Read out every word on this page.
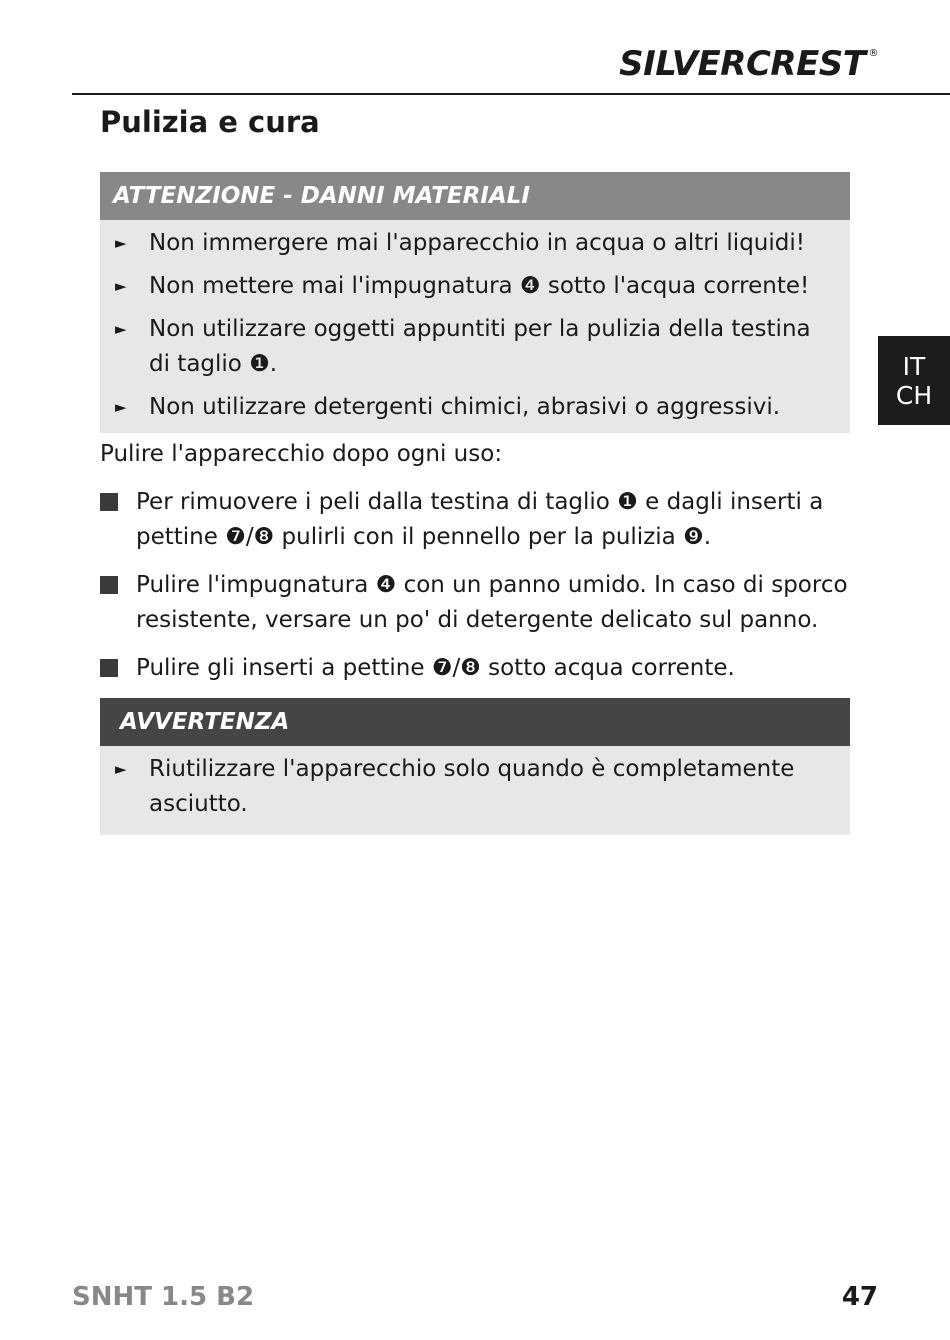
SILVERCREST ®
Pulizia e cura
IT
CH
ATTENZIONE - DANNI MATERIALI
► Non immergere mai l'apparecchio in acqua o altri liquidi!
► Non mettere mai l'impugnatura ❹ sotto l'acqua corrente!
► Non utilizzare oggetti appuntiti per la pulizia della testina di taglio ❶.
► Non utilizzare detergenti chimici, abrasivi o aggressivi.

Pulire l'apparecchio dopo ogni uso:

Per rimuovere i peli dalla testina di taglio ❶ e dagli inserti a pettine ❼/❽ pulirli con il pennello per la pulizia ❾.
Pulire l'impugnatura ❹ con un panno umido. In caso di sporco resistente, versare un po' di detergente delicato sul panno.
Pulire gli inserti a pettine ❼/❽ sotto acqua corrente.
AVVERTENZA
► Riutilizzare l'apparecchio solo quando è completamente asciutto.
SNHT 1.5 B2	47
